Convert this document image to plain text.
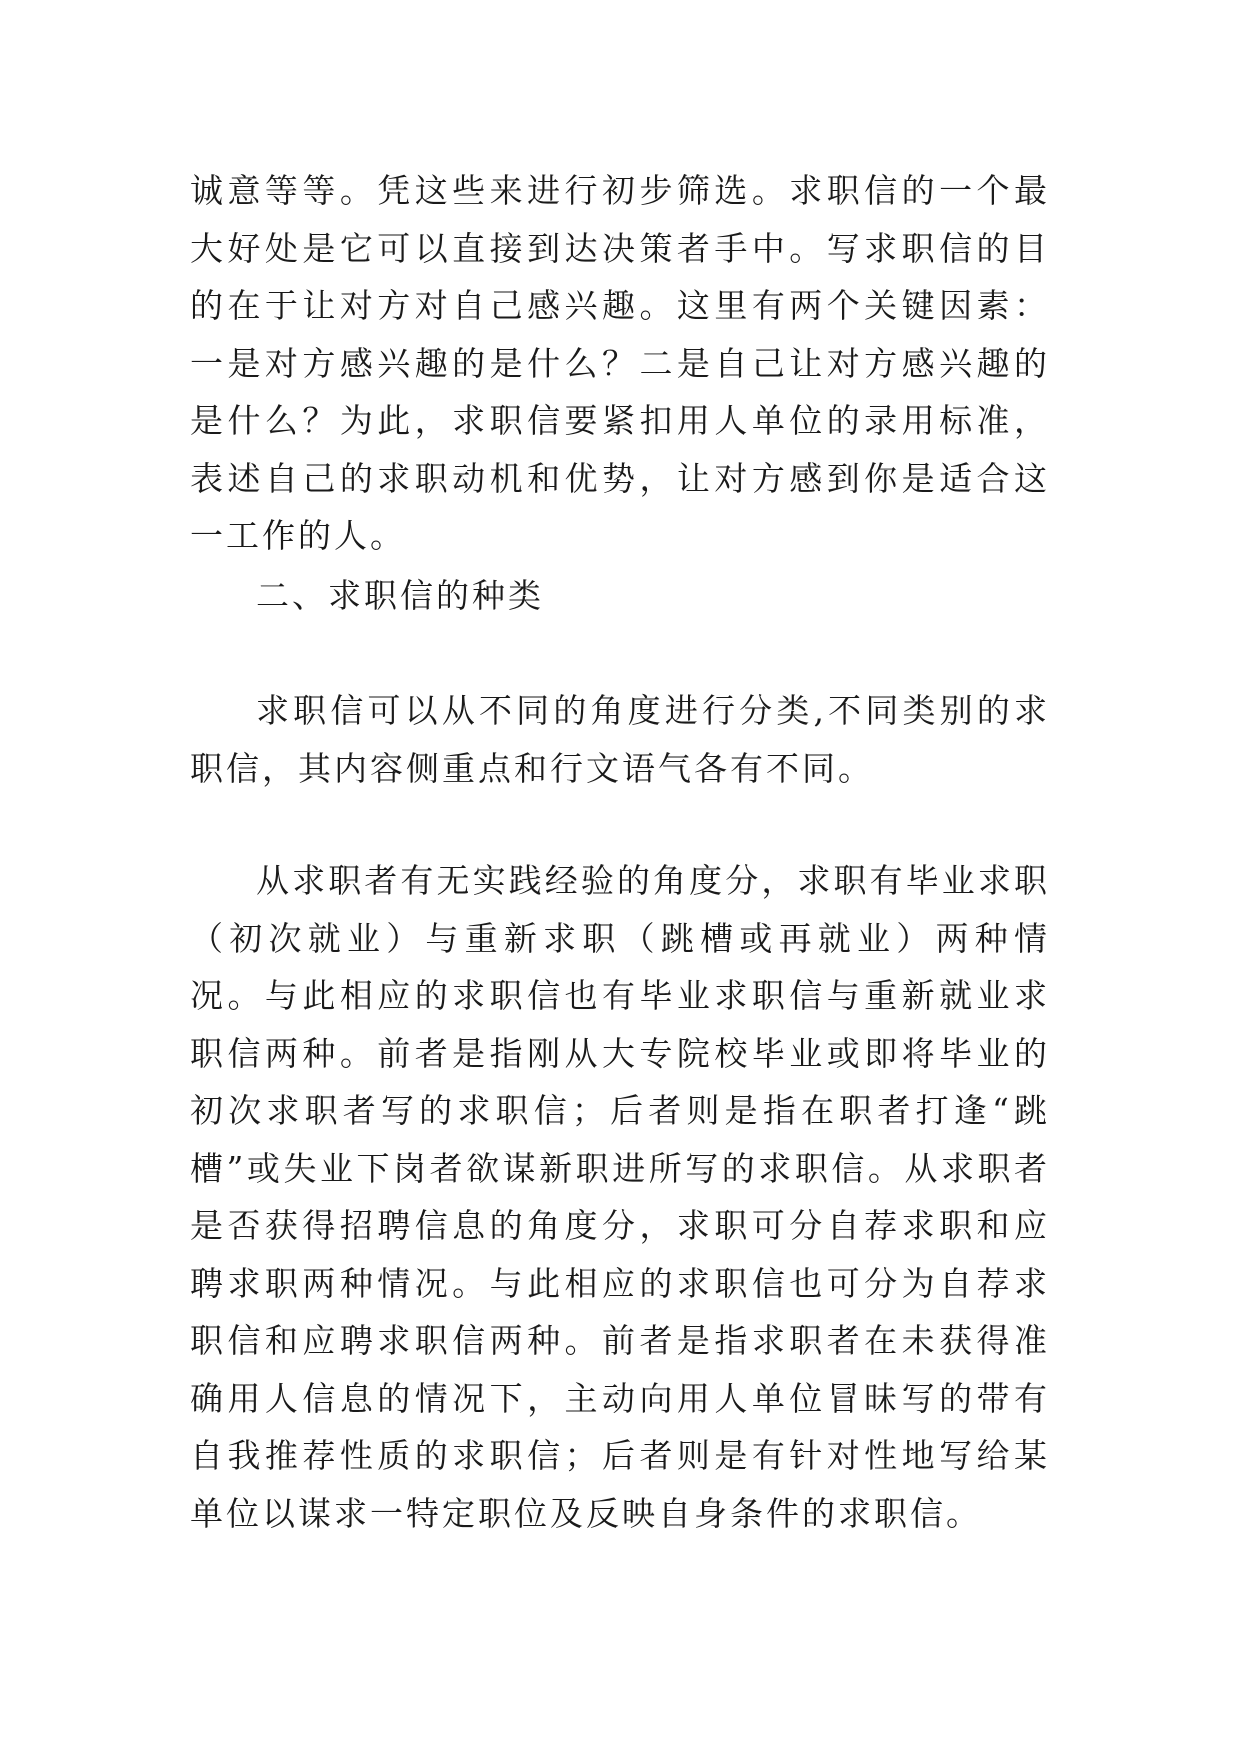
诚意等等。凭这些来进行初步筛选。求职信的一个最大好处是它可以直接到达决策者手中。写求职信的目的在于让对方对自己感兴趣。这里有两个关键因素：一是对方感兴趣的是什么？二是自己让对方感兴趣的是什么？为此，求职信要紧扣用人单位的录用标准，表述自己的求职动机和优势，让对方感到你是适合这一工作的人。

二、求职信的种类

求职信可以从不同的角度进行分类,不同类别的求职信，其内容侧重点和行文语气各有不同。

从求职者有无实践经验的角度分，求职有毕业求职（初次就业）与重新求职（跳槽或再就业）两种情况。与此相应的求职信也有毕业求职信与重新就业求职信两种。前者是指刚从大专院校毕业或即将毕业的初次求职者写的求职信；后者则是指在职者打逢“跳槽”或失业下岗者欲谋新职进所写的求职信。从求职者是否获得招聘信息的角度分，求职可分自荐求职和应聘求职两种情况。与此相应的求职信也可分为自荐求职信和应聘求职信两种。前者是指求职者在未获得准确用人信息的情况下，主动向用人单位冒昧写的带有自我推荐性质的求职信；后者则是有针对性地写给某单位以谋求一特定职位及反映自身条件的求职信。
